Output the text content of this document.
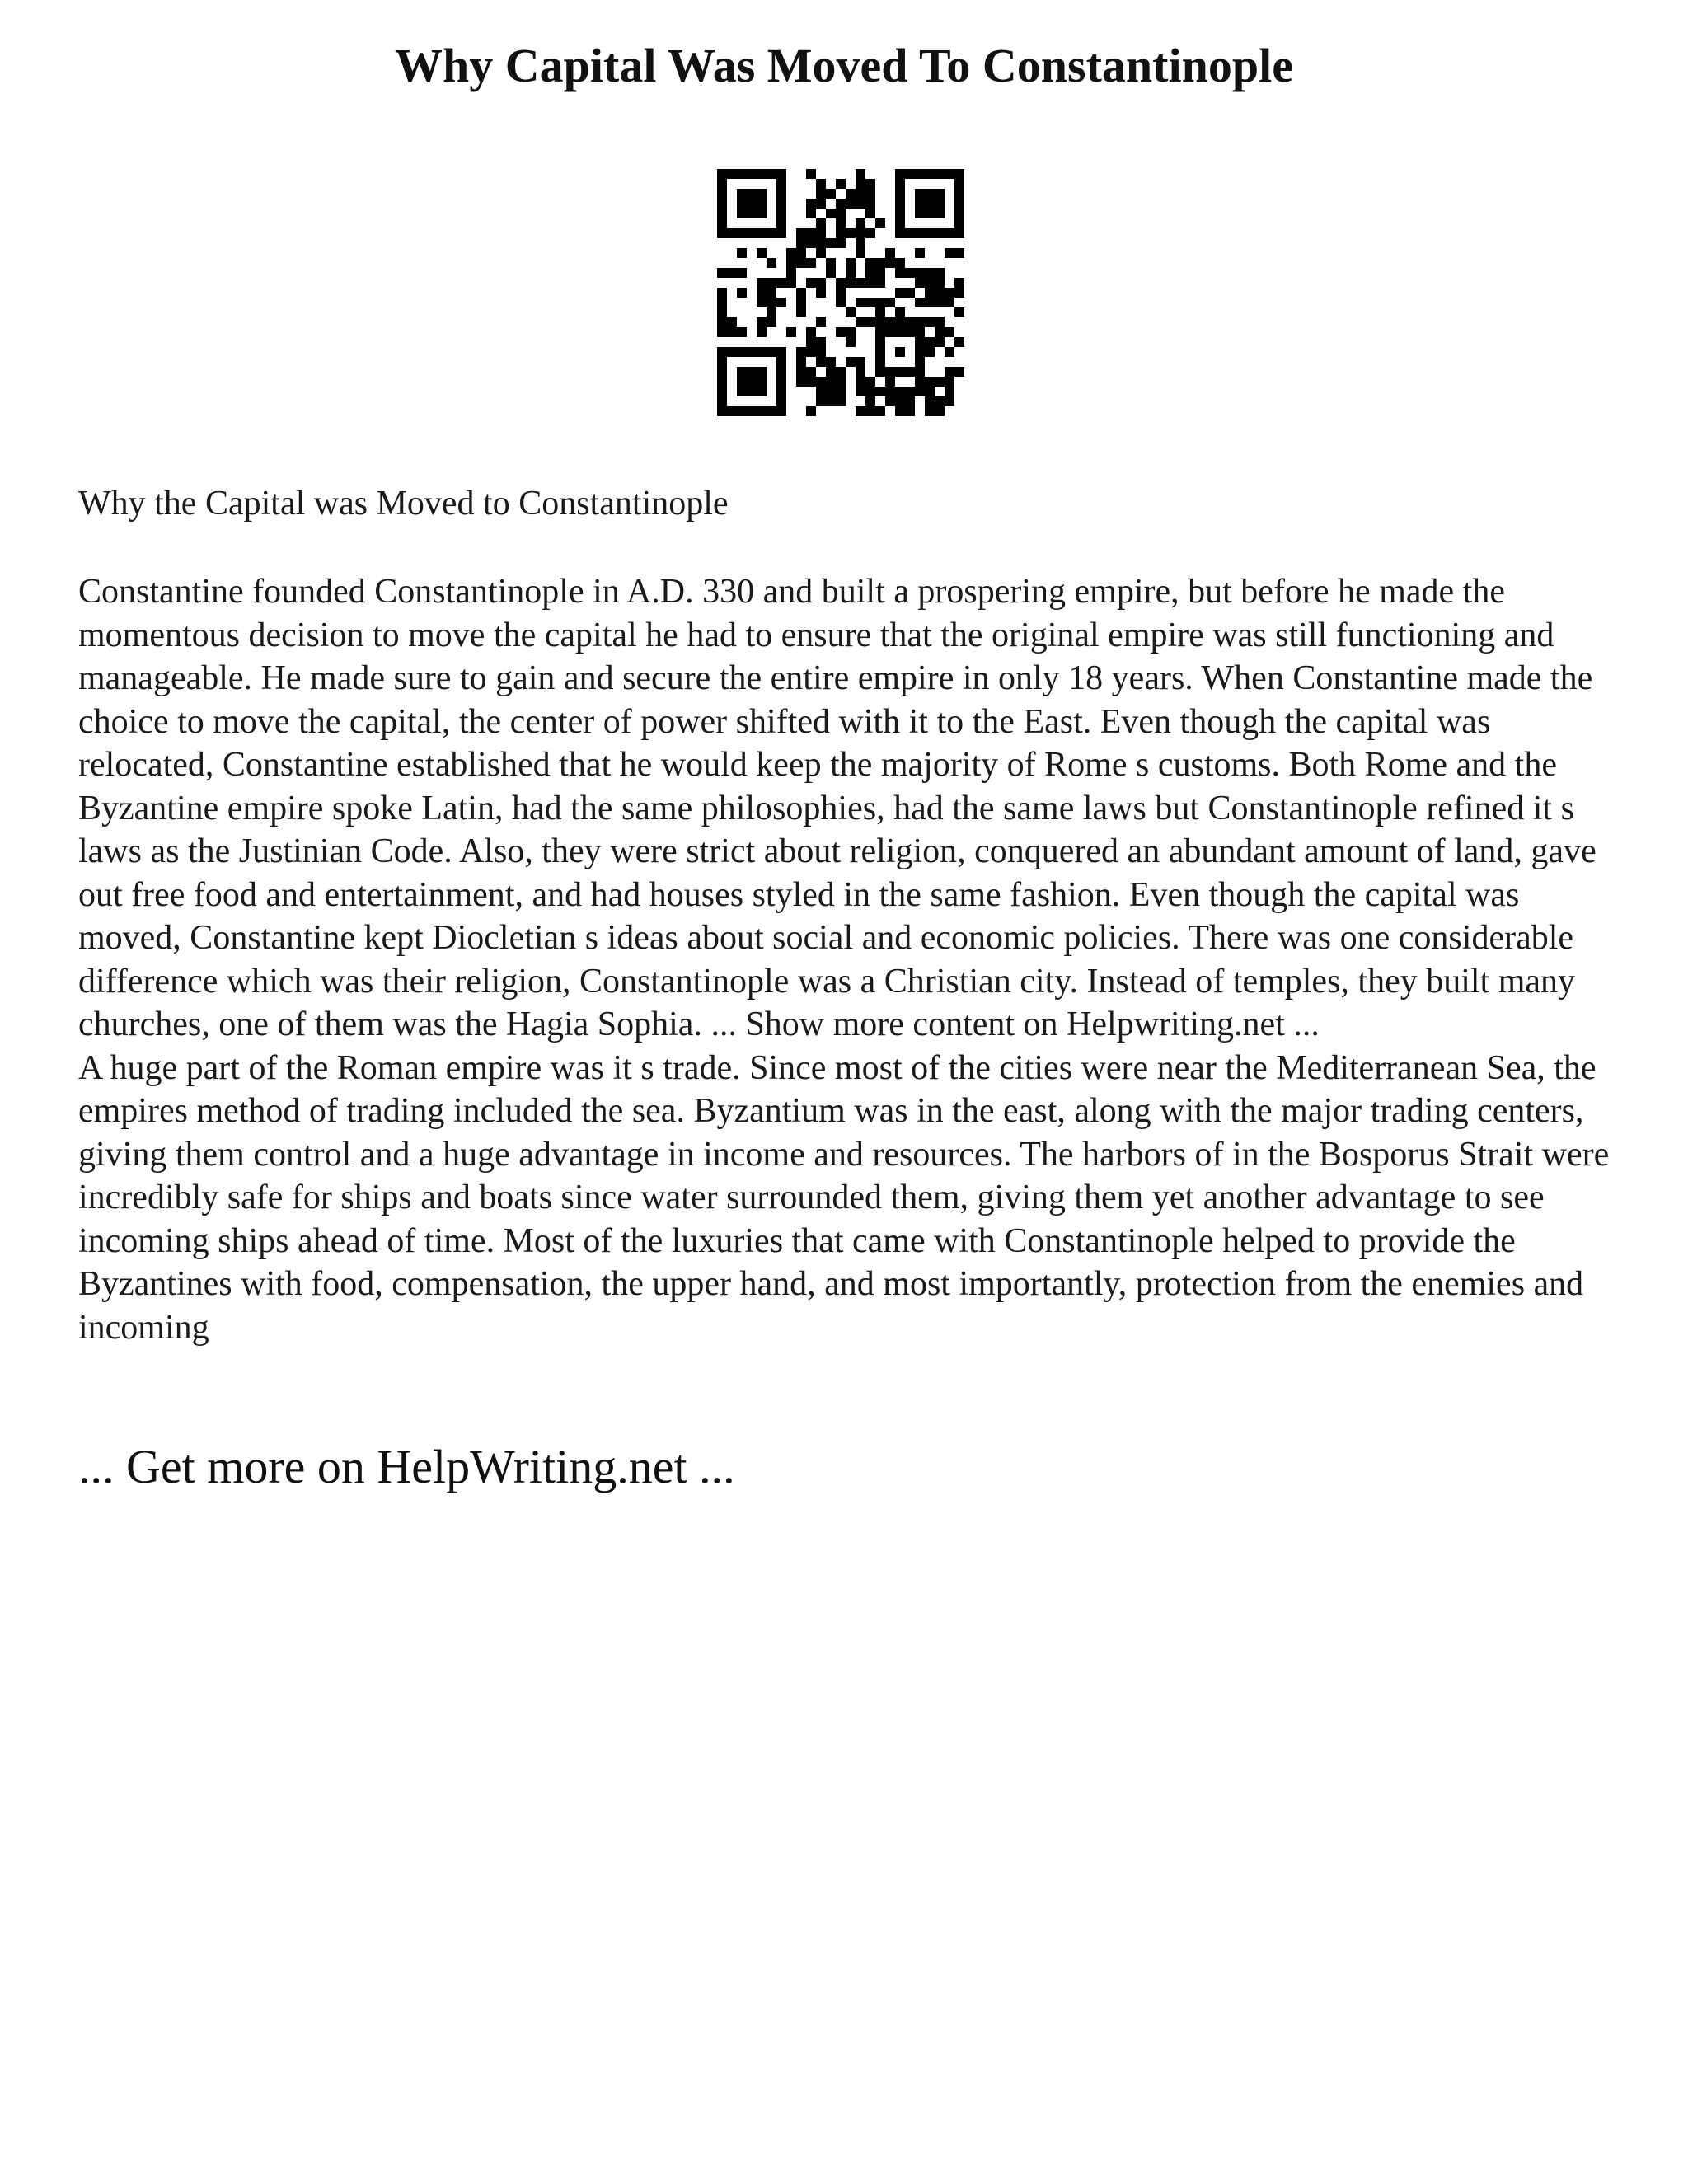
Why Capital Was Moved To Constantinople
Why the Capital was Moved to Constantinople

Constantine founded Constantinople in A.D. 330 and built a prospering empire, but before he made the momentous decision to move the capital he had to ensure that the original empire was still functioning and manageable. He made sure to gain and secure the entire empire in only 18 years. When Constantine made the choice to move the capital, the center of power shifted with it to the East. Even though the capital was relocated, Constantine established that he would keep the majority of Rome s customs. Both Rome and the Byzantine empire spoke Latin, had the same philosophies, had the same laws but Constantinople refined it s laws as the Justinian Code. Also, they were strict about religion, conquered an abundant amount of land, gave out free food and entertainment, and had houses styled in the same fashion. Even though the capital was moved, Constantine kept Diocletian s ideas about social and economic policies. There was one considerable difference which was their religion, Constantinople was a Christian city. Instead of temples, they built many churches, one of them was the Hagia Sophia. ... Show more content on Helpwriting.net ...

A huge part of the Roman empire was it s trade. Since most of the cities were near the Mediterranean Sea, the empires method of trading included the sea. Byzantium was in the east, along with the major trading centers, giving them control and a huge advantage in income and resources. The harbors of in the Bosporus Strait were incredibly safe for ships and boats since water surrounded them, giving them yet another advantage to see incoming ships ahead of time. Most of the luxuries that came with Constantinople helped to provide the Byzantines with food, compensation, the upper hand, and most importantly, protection from the enemies and incoming

... Get more on HelpWriting.net ...
